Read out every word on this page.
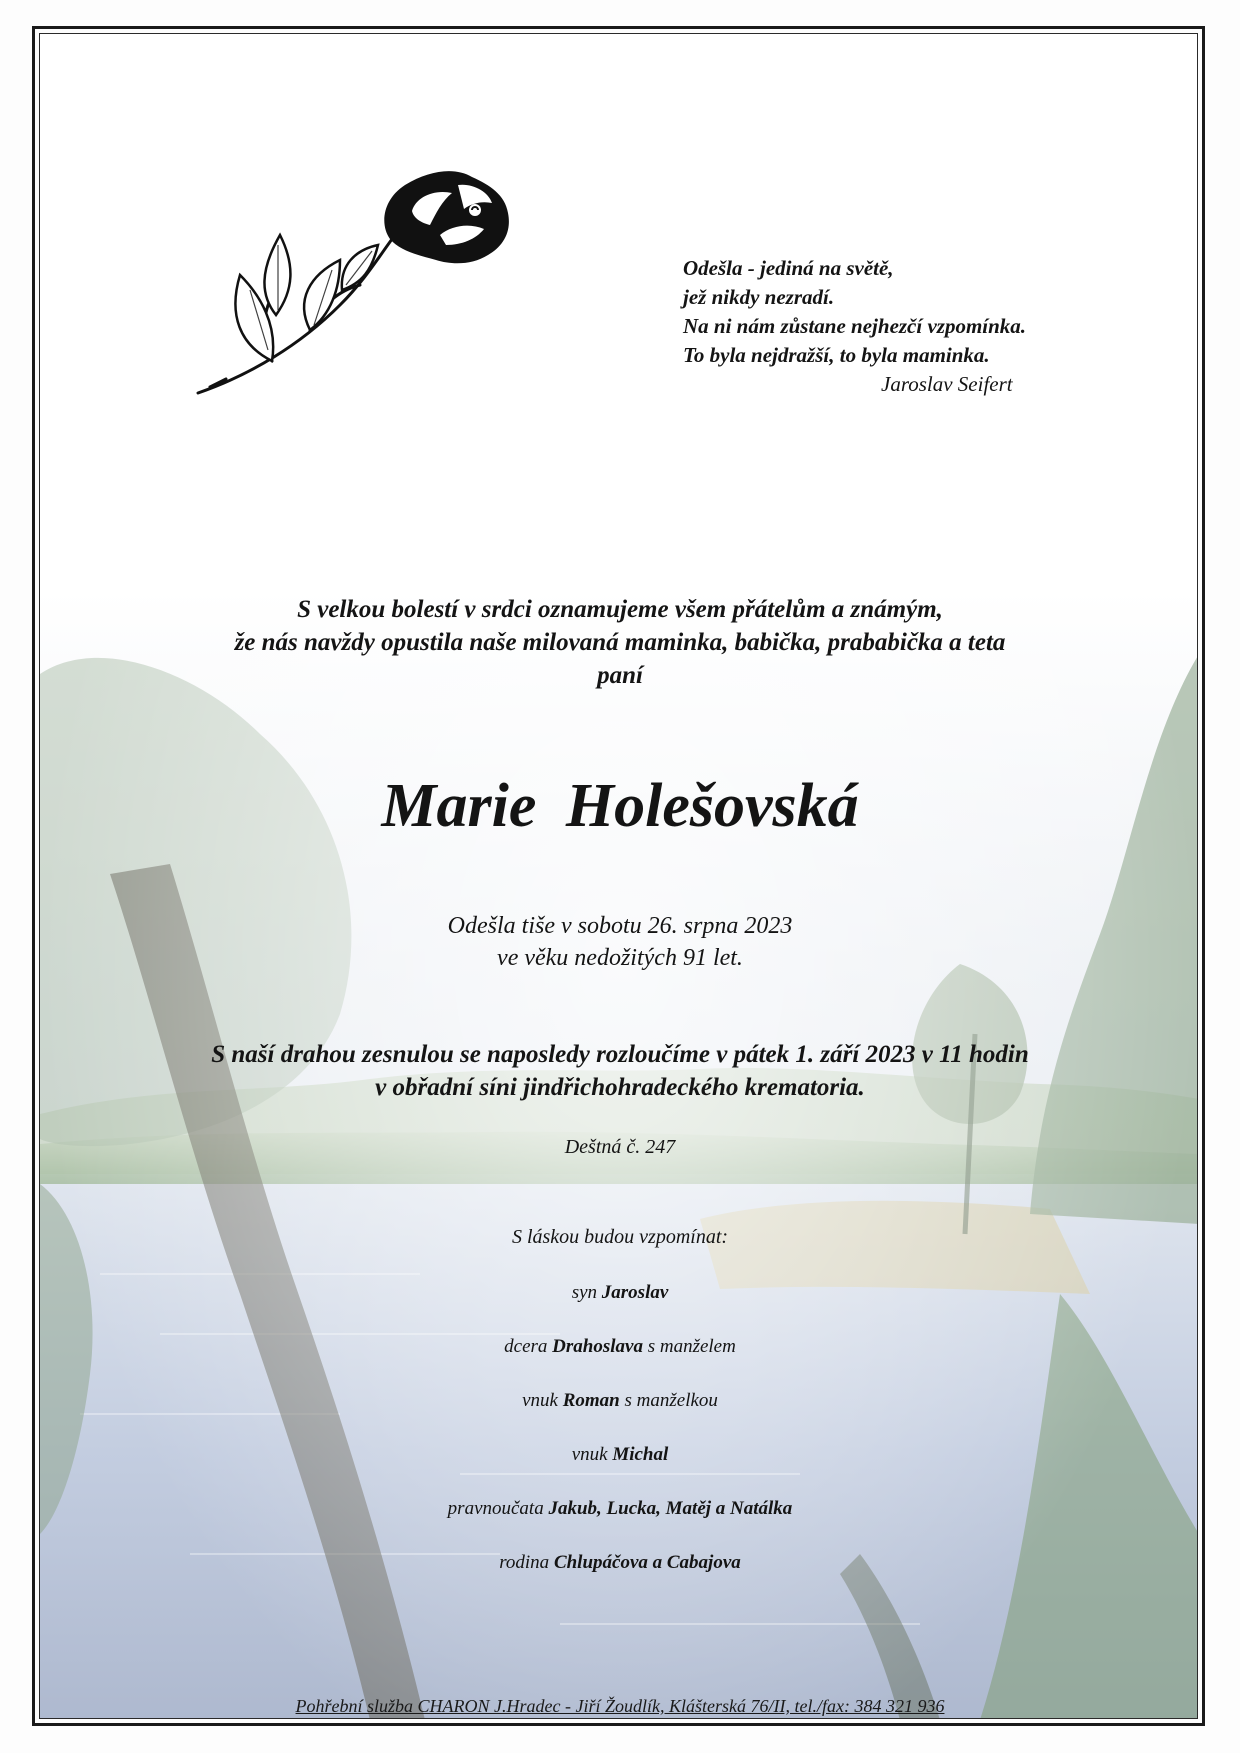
Odešla - jediná na světě,
jež nikdy nezradí.
Na ni nám zůstane nejhezčí vzpomínka.
To byla nejdražší, to byla maminka.
Jaroslav Seifert
S velkou bolestí v srdci oznamujeme všem přátelům a známým,
že nás navždy opustila naše milovaná maminka, babička, prababička a teta
paní
Marie Holešovská
Odešla tiše v sobotu 26. srpna 2023
ve věku nedožitých 91 let.
S naší drahou zesnulou se naposledy rozloučíme v pátek 1. září 2023 v 11 hodin
v obřadní síni jindřichohradeckého krematoria.
Deštná č. 247
S láskou budou vzpomínat:
syn Jaroslav
dcera Drahoslava s manželem
vnuk Roman s manželkou
vnuk Michal
pravnoučata Jakub, Lucka, Matěj a Natálka
rodina Chlupáčova a Cabajova
Pohřební služba CHARON J.Hradec - Jiří Žoudlík, Klášterská 76/II, tel./fax: 384 321 936
